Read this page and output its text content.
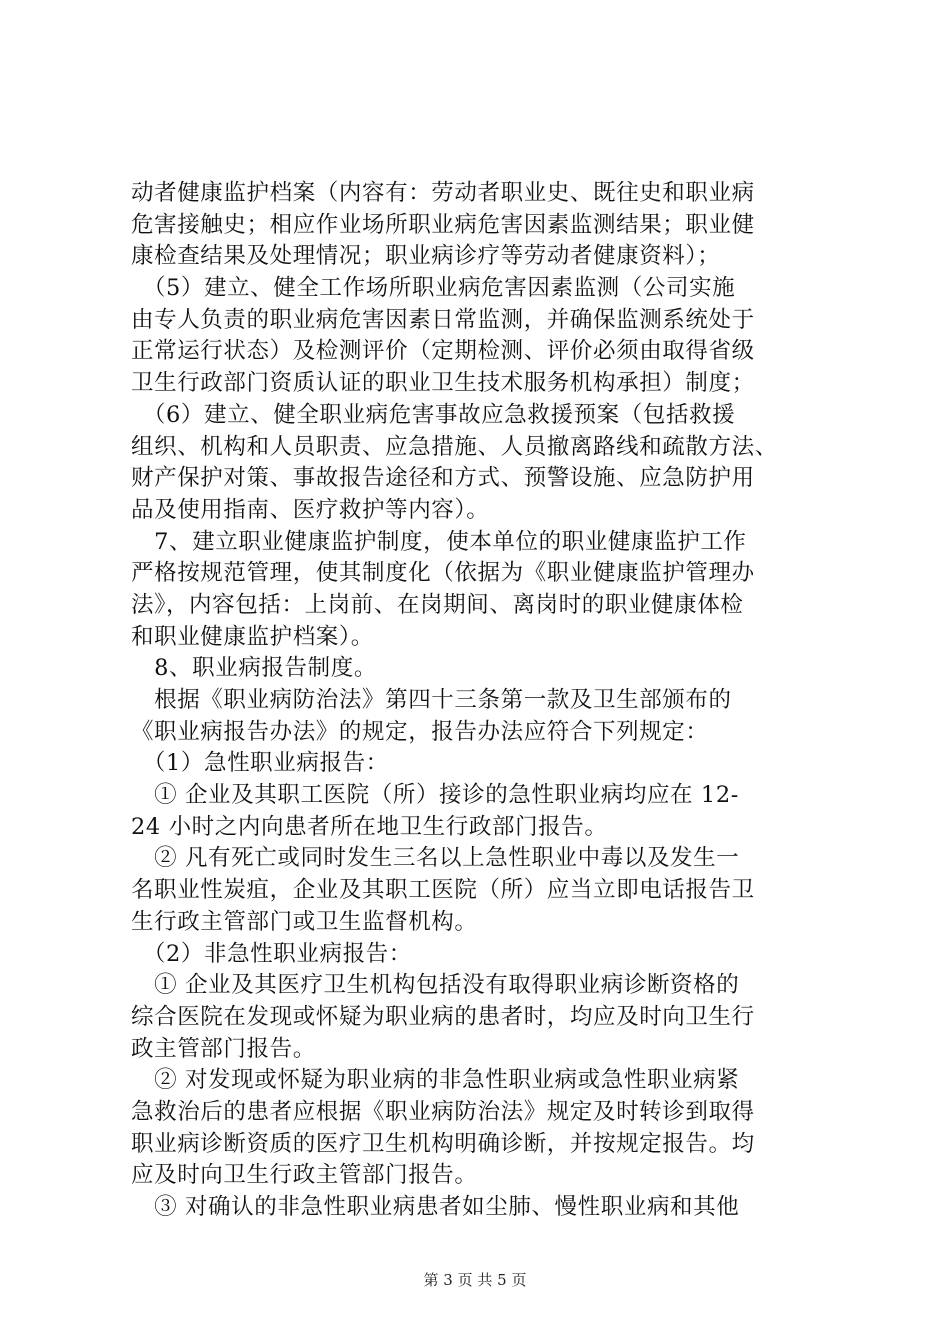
动者健康监护档案（内容有：劳动者职业史、既往史和职业病
危害接触史；相应作业场所职业病危害因素监测结果；职业健
康检查结果及处理情况；职业病诊疗等劳动者健康资料）；
　（5）建立、健全工作场所职业病危害因素监测（公司实施
由专人负责的职业病危害因素日常监测，并确保监测系统处于
正常运行状态）及检测评价（定期检测、评价必须由取得省级
卫生行政部门资质认证的职业卫生技术服务机构承担）制度；
　（6）建立、健全职业病危害事故应急救援预案（包括救援
组织、机构和人员职责、应急措施、人员撤离路线和疏散方法、
财产保护对策、事故报告途径和方式、预警设施、应急防护用
品及使用指南、医疗救护等内容）。
　7、建立职业健康监护制度，使本单位的职业健康监护工作
严格按规范管理，使其制度化（依据为《职业健康监护管理办
法》，内容包括：上岗前、在岗期间、离岗时的职业健康体检
和职业健康监护档案）。
　8、职业病报告制度。
　根据《职业病防治法》第四十三条第一款及卫生部颁布的
《职业病报告办法》的规定，报告办法应符合下列规定：
　（1）急性职业病报告：
　① 企业及其职工医院（所）接诊的急性职业病均应在 12-
24 小时之内向患者所在地卫生行政部门报告。
　② 凡有死亡或同时发生三名以上急性职业中毒以及发生一
名职业性炭疽，企业及其职工医院（所）应当立即电话报告卫
生行政主管部门或卫生监督机构。
　（2）非急性职业病报告：
　① 企业及其医疗卫生机构包括没有取得职业病诊断资格的
综合医院在发现或怀疑为职业病的患者时，均应及时向卫生行
政主管部门报告。
　② 对发现或怀疑为职业病的非急性职业病或急性职业病紧
急救治后的患者应根据《职业病防治法》规定及时转诊到取得
职业病诊断资质的医疗卫生机构明确诊断，并按规定报告。均
应及时向卫生行政主管部门报告。
　③ 对确认的非急性职业病患者如尘肺、慢性职业病和其他
第 3 页 共 5 页
